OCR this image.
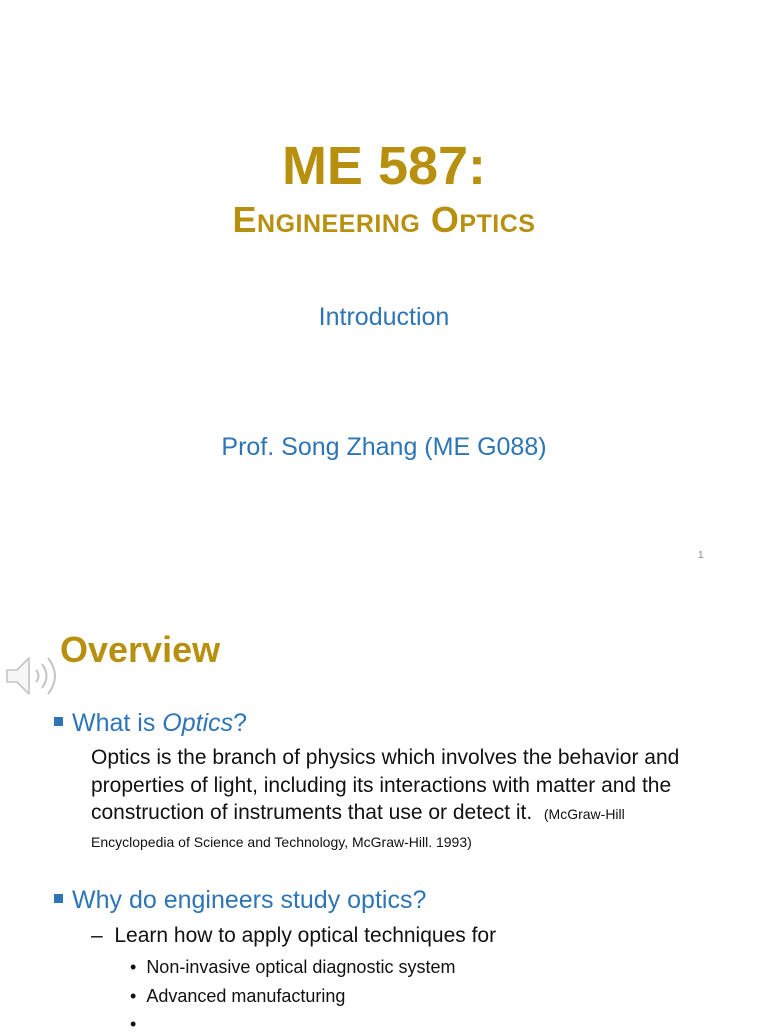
ME 587:
Engineering Optics
Introduction
Prof. Song Zhang (ME G088)
1
Overview
What is Optics?
Optics is the branch of physics which involves the behavior and properties of light, including its interactions with matter and the construction of instruments that use or detect it. (McGraw-Hill Encyclopedia of Science and Technology, McGraw-Hill. 1993)
Why do engineers study optics?
–  Learn how to apply optical techniques for
•  Non-invasive optical diagnostic system
•  Advanced manufacturing
•
